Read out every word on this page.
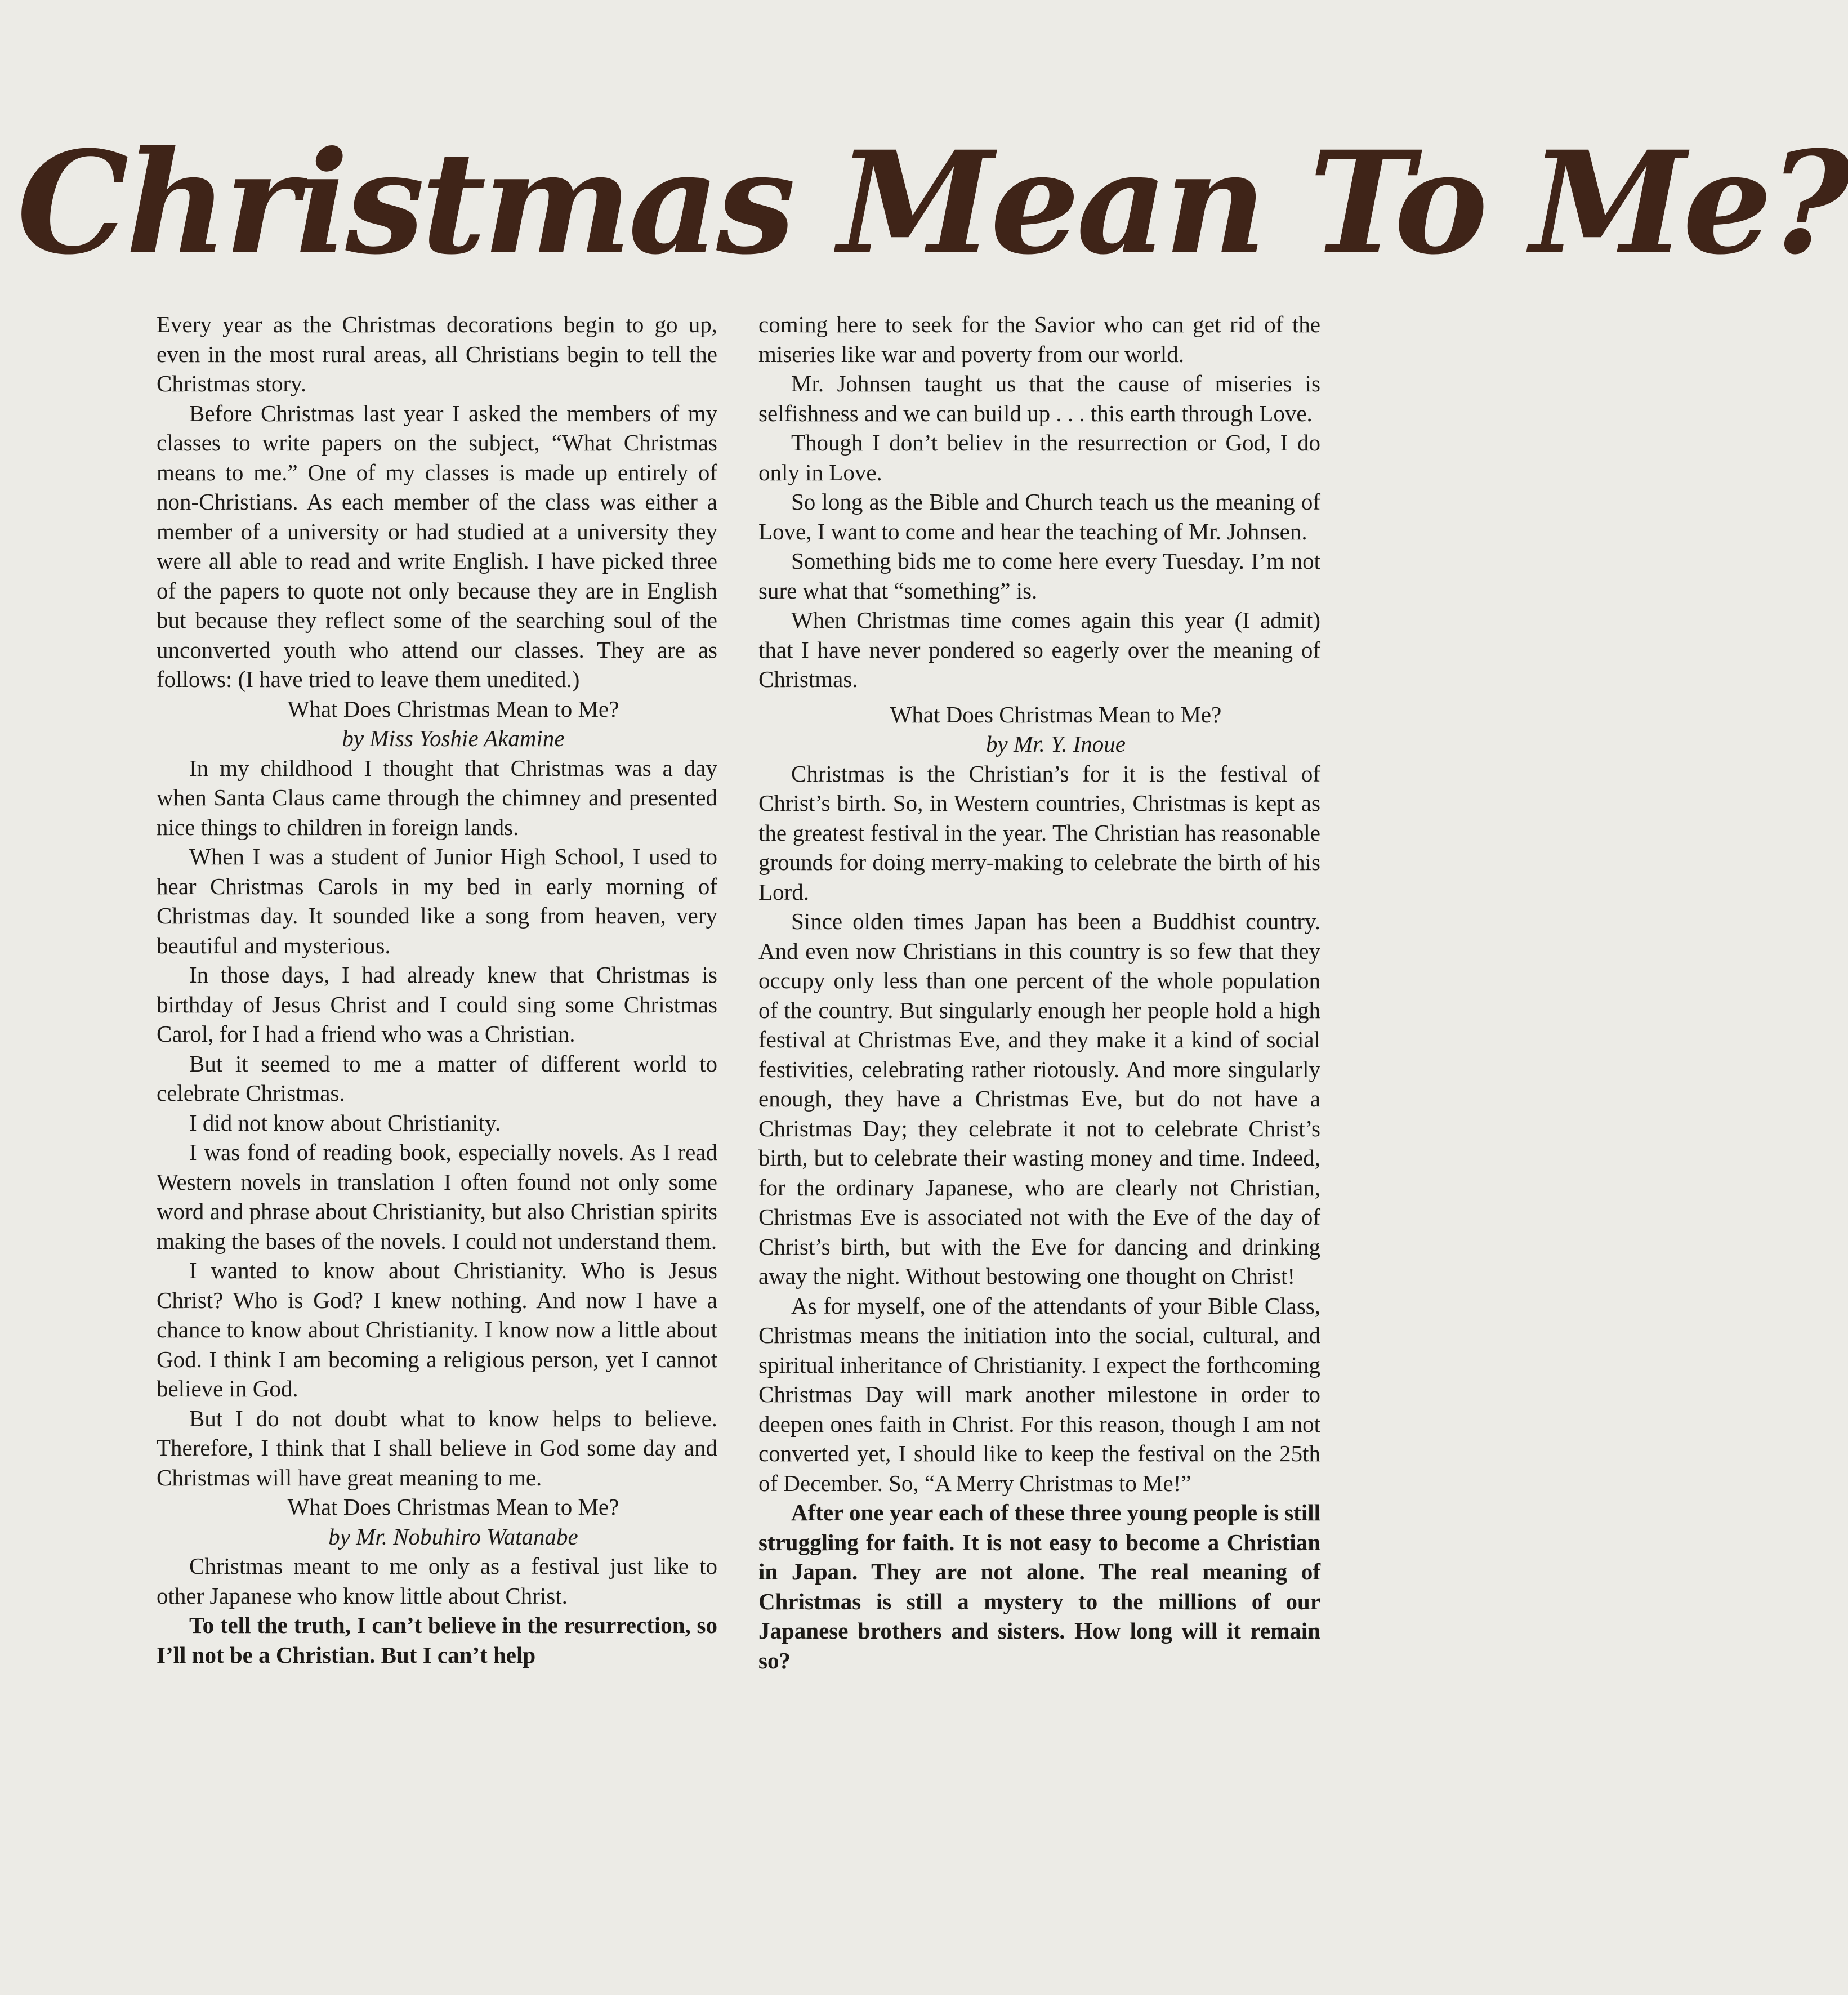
Christmas Mean To Me?

Every year as the Christmas decorations begin to go up, even in the most rural areas, all Christians begin to tell the Christmas story.

Before Christmas last year I asked the members of my classes to write papers on the subject, “What Christmas means to me.” One of my classes is made up entirely of non-Christians. As each member of the class was either a member of a university or had studied at a university they were all able to read and write English. I have picked three of the papers to quote not only because they are in English but because they reflect some of the searching soul of the unconverted youth who attend our classes. They are as follows: (I have tried to leave them unedited.)

What Does Christmas Mean to Me?

by Miss Yoshie Akamine

In my childhood I thought that Christmas was a day when Santa Claus came through the chimney and presented nice things to children in foreign lands.

When I was a student of Junior High School, I used to hear Christmas Carols in my bed in early morning of Christmas day. It sounded like a song from heaven, very beautiful and mysterious.

In those days, I had already knew that Christmas is birthday of Jesus Christ and I could sing some Christmas Carol, for I had a friend who was a Christian.

But it seemed to me a matter of different world to celebrate Christmas.

I did not know about Christianity.

I was fond of reading book, especially novels. As I read Western novels in translation I often found not only some word and phrase about Christianity, but also Christian spirits making the bases of the novels. I could not understand them.

I wanted to know about Christianity. Who is Jesus Christ? Who is God? I knew nothing. And now I have a chance to know about Christianity. I know now a little about God. I think I am becoming a religious person, yet I cannot believe in God.

But I do not doubt what to know helps to believe. Therefore, I think that I shall believe in God some day and Christmas will have great meaning to me.

What Does Christmas Mean to Me?

by Mr. Nobuhiro Watanabe

Christmas meant to me only as a festival just like to other Japanese who know little about Christ.

To tell the truth, I can’t believe in the resurrection, so I’ll not be a Christian. But I can’t help

coming here to seek for the Savior who can get rid of the miseries like war and poverty from our world.

Mr. Johnsen taught us that the cause of miseries is selfishness and we can build up . . . this earth through Love.

Though I don’t believ in the resurrection or God, I do only in Love.

So long as the Bible and Church teach us the meaning of Love, I want to come and hear the teaching of Mr. Johnsen.

Something bids me to come here every Tuesday. I’m not sure what that “something” is.

When Christmas time comes again this year (I admit) that I have never pondered so eagerly over the meaning of Christmas.

What Does Christmas Mean to Me?

by Mr. Y. Inoue

Christmas is the Christian’s for it is the festival of Christ’s birth. So, in Western countries, Christmas is kept as the greatest festival in the year. The Christian has reasonable grounds for doing merry-making to celebrate the birth of his Lord.

Since olden times Japan has been a Buddhist country. And even now Christians in this country is so few that they occupy only less than one percent of the whole population of the country. But singularly enough her people hold a high festival at Christmas Eve, and they make it a kind of social festivities, celebrating rather riotously. And more singularly enough, they have a Christmas Eve, but do not have a Christmas Day; they celebrate it not to celebrate Christ’s birth, but to celebrate their wasting money and time. Indeed, for the ordinary Japanese, who are clearly not Christian, Christmas Eve is associated not with the Eve of the day of Christ’s birth, but with the Eve for dancing and drinking away the night. Without bestowing one thought on Christ!

As for myself, one of the attendants of your Bible Class, Christmas means the initiation into the social, cultural, and spiritual inheritance of Christianity. I expect the forthcoming Christmas Day will mark another milestone in order to deepen ones faith in Christ. For this reason, though I am not converted yet, I should like to keep the festival on the 25th of December. So, “A Merry Christmas to Me!”

After one year each of these three young people is still struggling for faith. It is not easy to become a Christian in Japan. They are not alone. The real meaning of Christmas is still a mystery to the millions of our Japanese brothers and sisters. How long will it remain so?
